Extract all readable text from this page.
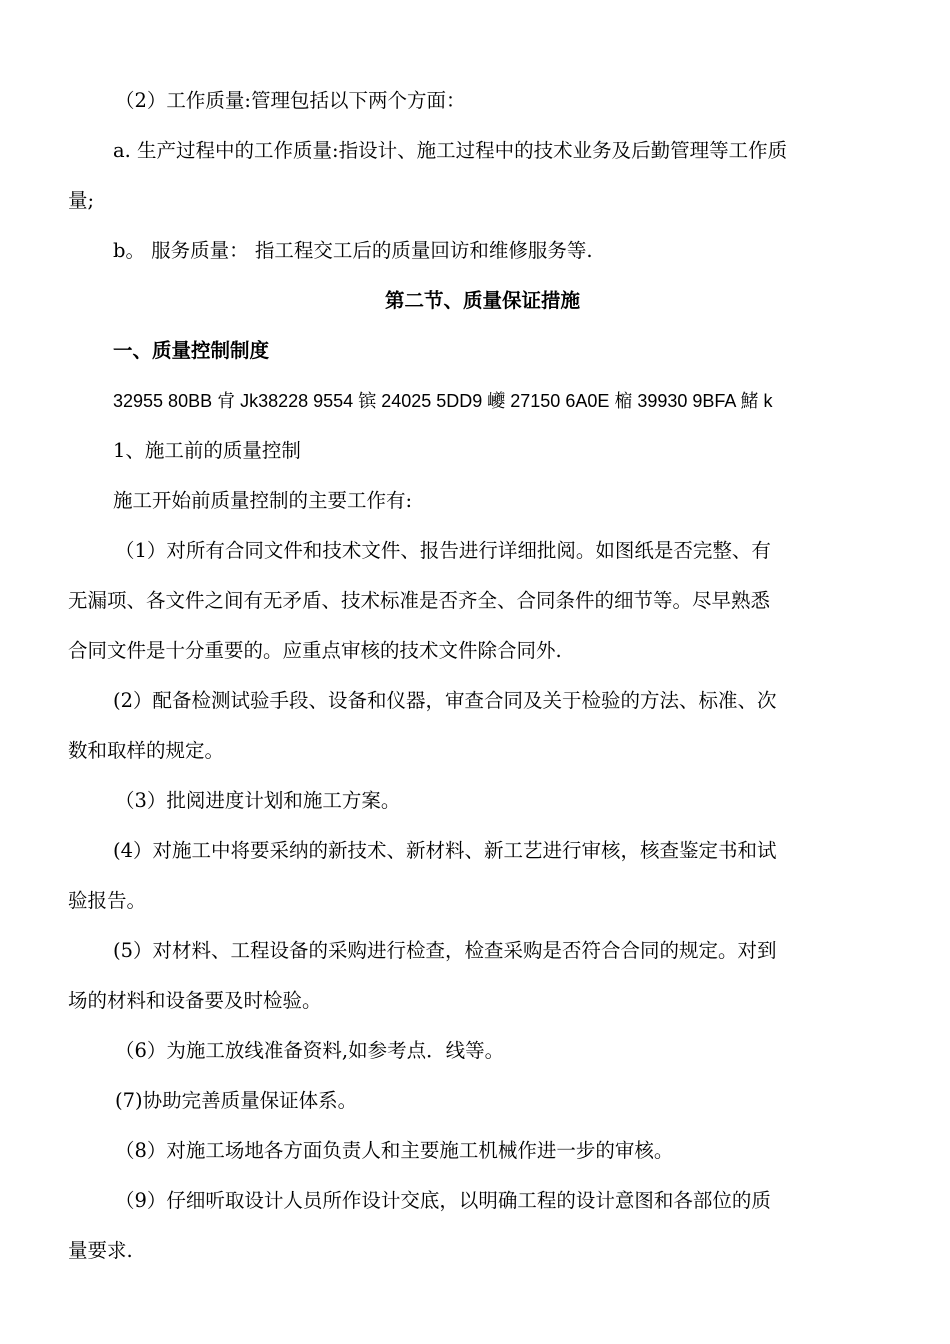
（2）工作质量:管理包括以下两个方面：
a. 生产过程中的工作质量:指设计、施工过程中的技术业务及后勤管理等工作质
量;
b。 服务质量： 指工程交工后的质量回访和维修服务等.
第二节、质量保证措施
一、质量控制制度
32955 80BB 肻 Jk38228 9554 镔 24025 5DD9 巙 27150 6A0E 樎 39930 9BFA 鯺 k
1、施工前的质量控制
施工开始前质量控制的主要工作有:
（1）对所有合同文件和技术文件、报告进行详细批阅。如图纸是否完整、有
无漏项、各文件之间有无矛盾、技术标准是否齐全、合同条件的细节等。尽早熟悉
合同文件是十分重要的。应重点审核的技术文件除合同外.
(2）配备检测试验手段、设备和仪器，审查合同及关于检验的方法、标准、次
数和取样的规定。
（3）批阅进度计划和施工方案。
(4）对施工中将要采纳的新技术、新材料、新工艺进行审核，核查鉴定书和试
验报告。
(5）对材料、工程设备的采购进行检查，检查采购是否符合合同的规定。对到
场的材料和设备要及时检验。
（6）为施工放线准备资料,如参考点．线等。
(7)协助完善质量保证体系。
（8）对施工场地各方面负责人和主要施工机械作进一步的审核。
（9）仔细听取设计人员所作设计交底，以明确工程的设计意图和各部位的质
量要求.
